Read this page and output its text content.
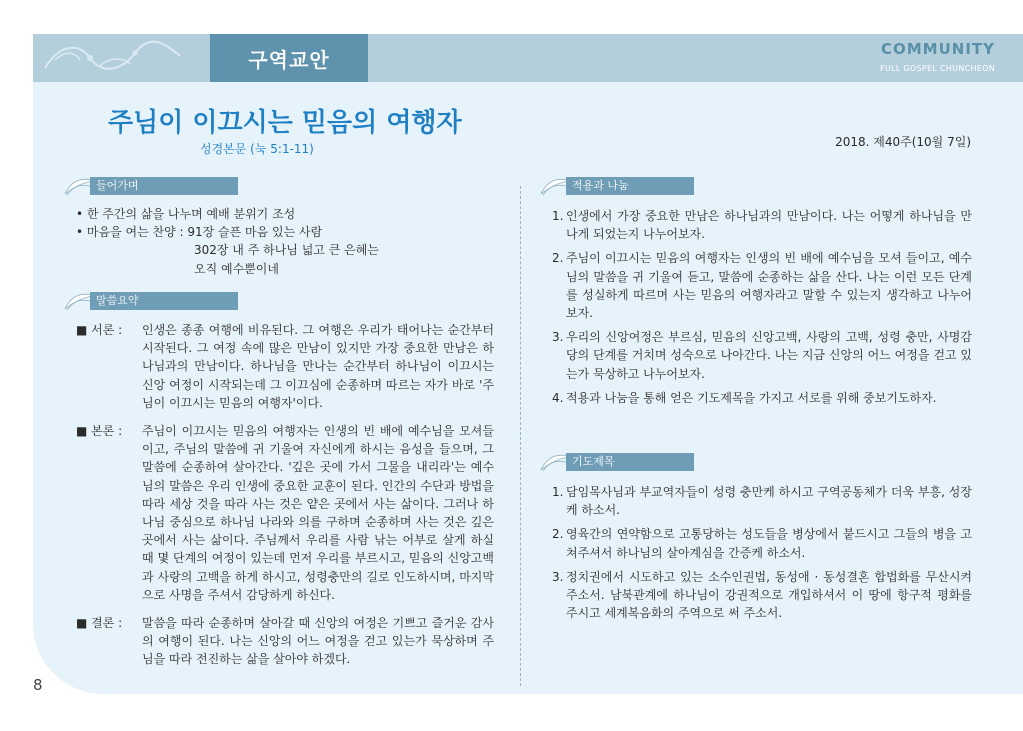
구역교안	COMMUNITY
FULL GOSPEL CHUNCHEON
주님이 이끄시는 믿음의 여행자
성경본문 (눅 5:1-11)	2018. 제40주(10월 7일)
들어가며
• 한 주간의 삶을 나누며 예배 분위기 조성
• 마음을 여는 찬양 : 91장 슬픈 마음 있는 사람
302장 내 주 하나님 넓고 큰 은혜는
오직 예수뿐이네
말씀요약
■ 서론 :	인생은 종종 여행에 비유된다. 그 여행은 우리가 태어나는 순간부터 시작된다. 그 여정 속에 많은 만남이 있지만 가장 중요한 만남은 하나님과의 만남이다. 하나님을 만나는 순간부터 하나님이 이끄시는 신앙 여정이 시작되는데 그 이끄심에 순종하며 따르는 자가 바로 '주님이 이끄시는 믿음의 여행자'이다.
■ 본론 :	주님이 이끄시는 믿음의 여행자는 인생의 빈 배에 예수님을 모셔들이고, 주님의 말씀에 귀 기울여 자신에게 하시는 음성을 들으며, 그 말씀에 순종하여 살아간다. '깊은 곳에 가서 그물을 내리라'는 예수님의 말씀은 우리 인생에 중요한 교훈이 된다. 인간의 수단과 방법을 따라 세상 것을 따라 사는 것은 얕은 곳에서 사는 삶이다. 그러나 하나님 중심으로 하나님 나라와 의를 구하며 순종하며 사는 것은 깊은 곳에서 사는 삶이다. 주님께서 우리를 사람 낚는 어부로 살게 하실 때 몇 단계의 여정이 있는데 먼저 우리를 부르시고, 믿음의 신앙고백과 사랑의 고백을 하게 하시고, 성령충만의 길로 인도하시며, 마지막으로 사명을 주셔서 감당하게 하신다.
■ 결론 :	말씀을 따라 순종하며 살아갈 때 신앙의 여정은 기쁘고 즐거운 감사의 여행이 된다. 나는 신앙의 어느 여정을 걷고 있는가 묵상하며 주님을 따라 전진하는 삶을 살아야 하겠다.
적용과 나눔
1. 인생에서 가장 중요한 만남은 하나님과의 만남이다. 나는 어떻게 하나님을 만나게 되었는지 나누어보자.
2. 주님이 이끄시는 믿음의 여행자는 인생의 빈 배에 예수님을 모셔 들이고, 예수님의 말씀을 귀 기울여 듣고, 말씀에 순종하는 삶을 산다. 나는 이런 모든 단계를 성실하게 따르며 사는 믿음의 여행자라고 말할 수 있는지 생각하고 나누어보자.
3. 우리의 신앙여정은 부르심, 믿음의 신앙고백, 사랑의 고백, 성령 충만, 사명감당의 단계를 거치며 성숙으로 나아간다. 나는 지금 신앙의 어느 여정을 걷고 있는가 묵상하고 나누어보자.
4. 적용과 나눔을 통해 얻은 기도제목을 가지고 서로를 위해 중보기도하자.
기도제목
1. 담임목사님과 부교역자들이 성령 충만케 하시고 구역공동체가 더욱 부흥, 성장케 하소서.
2. 영육간의 연약함으로 고통당하는 성도들을 병상에서 붙드시고 그들의 병을 고쳐주셔서 하나님의 살아계심을 간증케 하소서.
3. 정치권에서 시도하고 있는 소수인권법, 동성애 · 동성결혼 합법화를 무산시켜 주소서. 남북관계에 하나님이 강권적으로 개입하셔서 이 땅에 항구적 평화를 주시고 세계복음화의 주역으로 써 주소서.
8
